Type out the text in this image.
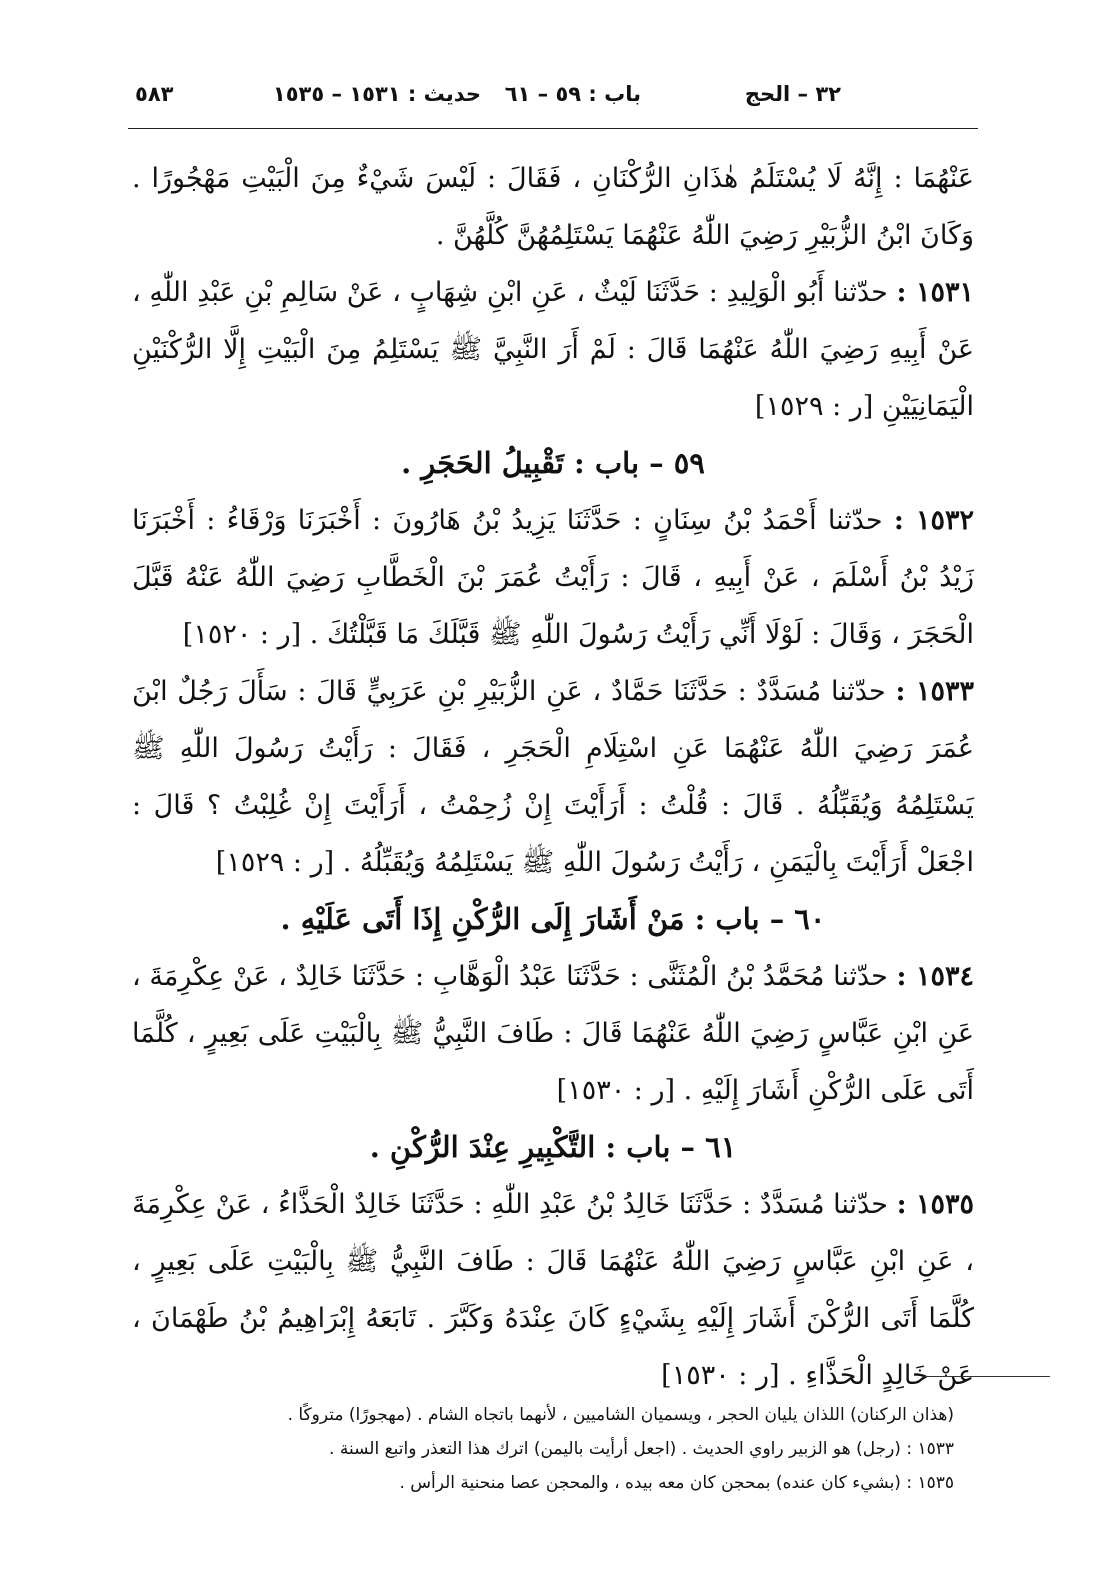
٣٢ – الحج
باب : ٥٩ – ٦١
حديث : ١٥٣١ – ١٥٣٥
٥٨٣

عَنْهُمَا : إِنَّهُ لَا يُسْتَلَمُ هٰذَانِ الرُّكْنَانِ ، فَقَالَ : لَيْسَ شَيْءٌ مِنَ الْبَيْتِ مَهْجُورًا . وَكَانَ ابْنُ الزُّبَيْرِ رَضِيَ اللّٰهُ عَنْهُمَا يَسْتَلِمُهُنَّ كُلَّهُنَّ .

١٥٣١ : حدّثنا أَبُو الْوَلِيدِ : حَدَّثَنَا لَيْثٌ ، عَنِ ابْنِ شِهَابٍ ، عَنْ سَالِمِ بْنِ عَبْدِ اللّٰهِ ، عَنْ أَبِيهِ رَضِيَ اللّٰهُ عَنْهُمَا قَالَ : لَمْ أَرَ النَّبِيَّ ﷺ يَسْتَلِمُ مِنَ الْبَيْتِ إِلَّا الرُّكْنَيْنِ الْيَمَانِيَيْنِ [ر : ١٥٢٩]

٥٩ – باب : تَقْبِيلُ الحَجَرِ .

١٥٣٢ : حدّثنا أَحْمَدُ بْنُ سِنَانٍ : حَدَّثَنَا يَزِيدُ بْنُ هَارُونَ : أَخْبَرَنَا وَرْقَاءُ : أَخْبَرَنَا زَيْدُ بْنُ أَسْلَمَ ، عَنْ أَبِيهِ ، قَالَ : رَأَيْتُ عُمَرَ بْنَ الْخَطَّابِ رَضِيَ اللّٰهُ عَنْهُ قَبَّلَ الْحَجَرَ ، وَقَالَ : لَوْلَا أَنِّي رَأَيْتُ رَسُولَ اللّٰهِ ﷺ قَبَّلَكَ مَا قَبَّلْتُكَ . [ر : ١٥٢٠]

١٥٣٣ : حدّثنا مُسَدَّدٌ : حَدَّثَنَا حَمَّادٌ ، عَنِ الزُّبَيْرِ بْنِ عَرَبِيٍّ قَالَ : سَأَلَ رَجُلٌ ابْنَ عُمَرَ رَضِيَ اللّٰهُ عَنْهُمَا عَنِ اسْتِلَامِ الْحَجَرِ ، فَقَالَ : رَأَيْتُ رَسُولَ اللّٰهِ ﷺ يَسْتَلِمُهُ وَيُقَبِّلُهُ . قَالَ : قُلْتُ : أَرَأَيْتَ إِنْ زُحِمْتُ ، أَرَأَيْتَ إِنْ غُلِبْتُ ؟ قَالَ : اجْعَلْ أَرَأَيْتَ بِالْيَمَنِ ، رَأَيْتُ رَسُولَ اللّٰهِ ﷺ يَسْتَلِمُهُ وَيُقَبِّلُهُ . [ر : ١٥٢٩]

٦٠ – باب : مَنْ أَشَارَ إِلَى الرُّكْنِ إِذَا أَتَى عَلَيْهِ .

١٥٣٤ : حدّثنا مُحَمَّدُ بْنُ الْمُثَنَّى : حَدَّثَنَا عَبْدُ الْوَهَّابِ : حَدَّثَنَا خَالِدٌ ، عَنْ عِكْرِمَةَ ، عَنِ ابْنِ عَبَّاسٍ رَضِيَ اللّٰهُ عَنْهُمَا قَالَ : طَافَ النَّبِيُّ ﷺ بِالْبَيْتِ عَلَى بَعِيرٍ ، كُلَّمَا أَتَى عَلَى الرُّكْنِ أَشَارَ إِلَيْهِ . [ر : ١٥٣٠]

٦١ – باب : التَّكْبِيرِ عِنْدَ الرُّكْنِ .

١٥٣٥ : حدّثنا مُسَدَّدٌ : حَدَّثَنَا خَالِدُ بْنُ عَبْدِ اللّٰهِ : حَدَّثَنَا خَالِدٌ الْحَذَّاءُ ، عَنْ عِكْرِمَةَ ، عَنِ ابْنِ عَبَّاسٍ رَضِيَ اللّٰهُ عَنْهُمَا قَالَ : طَافَ النَّبِيُّ ﷺ بِالْبَيْتِ عَلَى بَعِيرٍ ، كُلَّمَا أَتَى الرُّكْنَ أَشَارَ إِلَيْهِ بِشَيْءٍ كَانَ عِنْدَهُ وَكَبَّرَ . تَابَعَهُ إِبْرَاهِيمُ بْنُ طَهْمَانَ ، عَنْ خَالِدٍ الْحَذَّاءِ . [ر : ١٥٣٠]

(هذان الركنان) اللذان يليان الحجر ، ويسميان الشاميين ، لأنهما باتجاه الشام . (مهجورًا) متروكًا .

١٥٣٣ : (رجل) هو الزبير راوي الحديث . (اجعل أرأيت باليمن) اترك هذا التعذر واتبع السنة .

١٥٣٥ : (بشيء كان عنده) بمحجن كان معه بيده ، والمحجن عصا منحنية الرأس .
